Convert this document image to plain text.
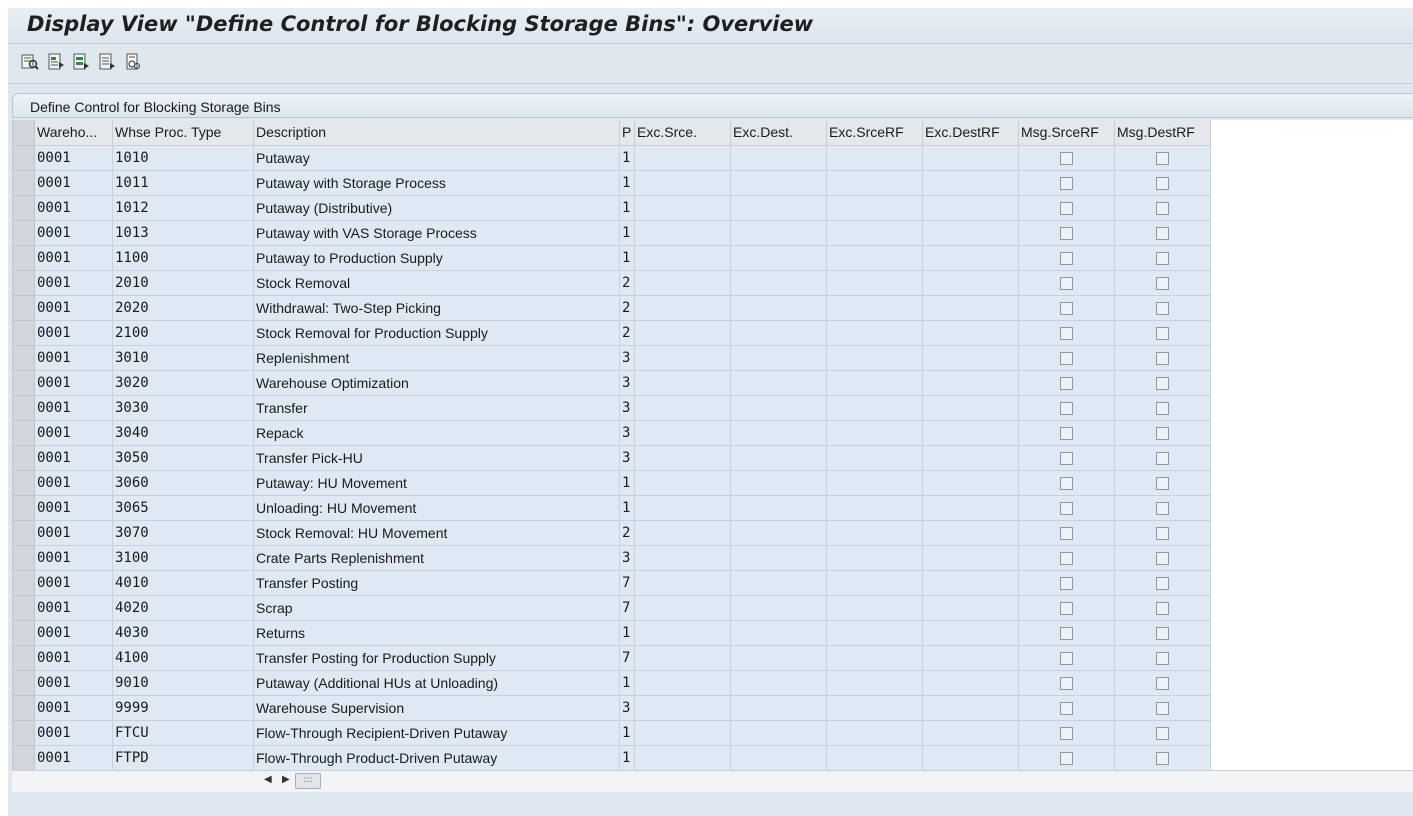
Display View "Define Control for Blocking Storage Bins": Overview
Define Control for Blocking Storage Bins
	Wareho...	Whse Proc. Type	Description	P	Exc.Srce.	Exc.Dest.	Exc.SrceRF	Exc.DestRF	Msg.SrceRF	Msg.DestRF
	0001	1010	Putaway	1						
	0001	1011	Putaway with Storage Process	1						
	0001	1012	Putaway (Distributive)	1						
	0001	1013	Putaway with VAS Storage Process	1						
	0001	1100	Putaway to Production Supply	1						
	0001	2010	Stock Removal	2						
	0001	2020	Withdrawal: Two-Step Picking	2						
	0001	2100	Stock Removal for Production Supply	2						
	0001	3010	Replenishment	3						
	0001	3020	Warehouse Optimization	3						
	0001	3030	Transfer	3						
	0001	3040	Repack	3						
	0001	3050	Transfer Pick-HU	3						
	0001	3060	Putaway: HU Movement	1						
	0001	3065	Unloading: HU Movement	1						
	0001	3070	Stock Removal: HU Movement	2						
	0001	3100	Crate Parts Replenishment	3						
	0001	4010	Transfer Posting	7						
	0001	4020	Scrap	7						
	0001	4030	Returns	1						
	0001	4100	Transfer Posting for Production Supply	7						
	0001	9010	Putaway (Additional HUs at Unloading)	1						
	0001	9999	Warehouse Supervision	3						
	0001	FTCU	Flow-Through Recipient-Driven Putaway	1						
	0001	FTPD	Flow-Through Product-Driven Putaway	1						
◀ ▶	:::
